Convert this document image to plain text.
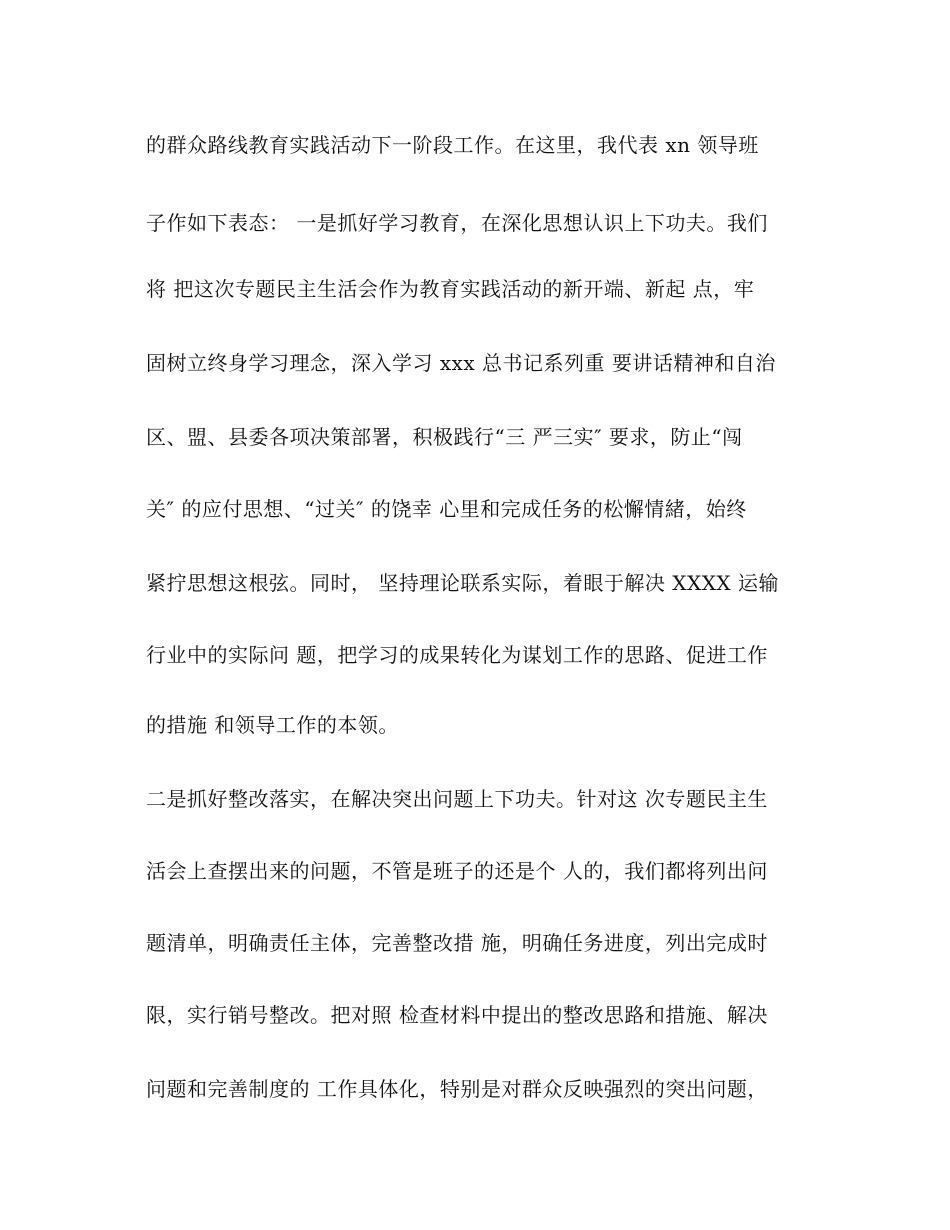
的群众路线教育实践活动下一阶段工作。在这里，我代表 xn 领导班
子作如下表态： 一是抓好学习教育，在深化思想认识上下功夫。我们
将 把这次专题民主生活会作为教育实践活动的新开端、新起 点，牢
固树立终身学习理念，深入学习 xxx 总书记系列重 要讲话精神和自治
区、盟、县委各项决策部署，积极践行“三 严三实″ 要求，防止“闯
关″ 的应付思想、“过关″ 的饶幸 心里和完成任务的松懈情緒，始终
紧拧思想这根弦。同时， 坚持理论联系实际，着眼于解决 XXXX 运输
行业中的实际问 题，把学习的成果转化为谋划工作的思路、促进工作
的措施 和领导工作的本领。
二是抓好整改落实，在解决突出问题上下功夫。针对这 次专题民主生
活会上查摆出来的问题，不管是班子的还是个 人的，我们都将列出问
题清单，明确责任主体，完善整改措 施，明确任务进度，列出完成时
限，实行销号整改。把对照 检查材料中提出的整改思路和措施、解决
问题和完善制度的 工作具体化，特别是对群众反映强烈的突出问题，
